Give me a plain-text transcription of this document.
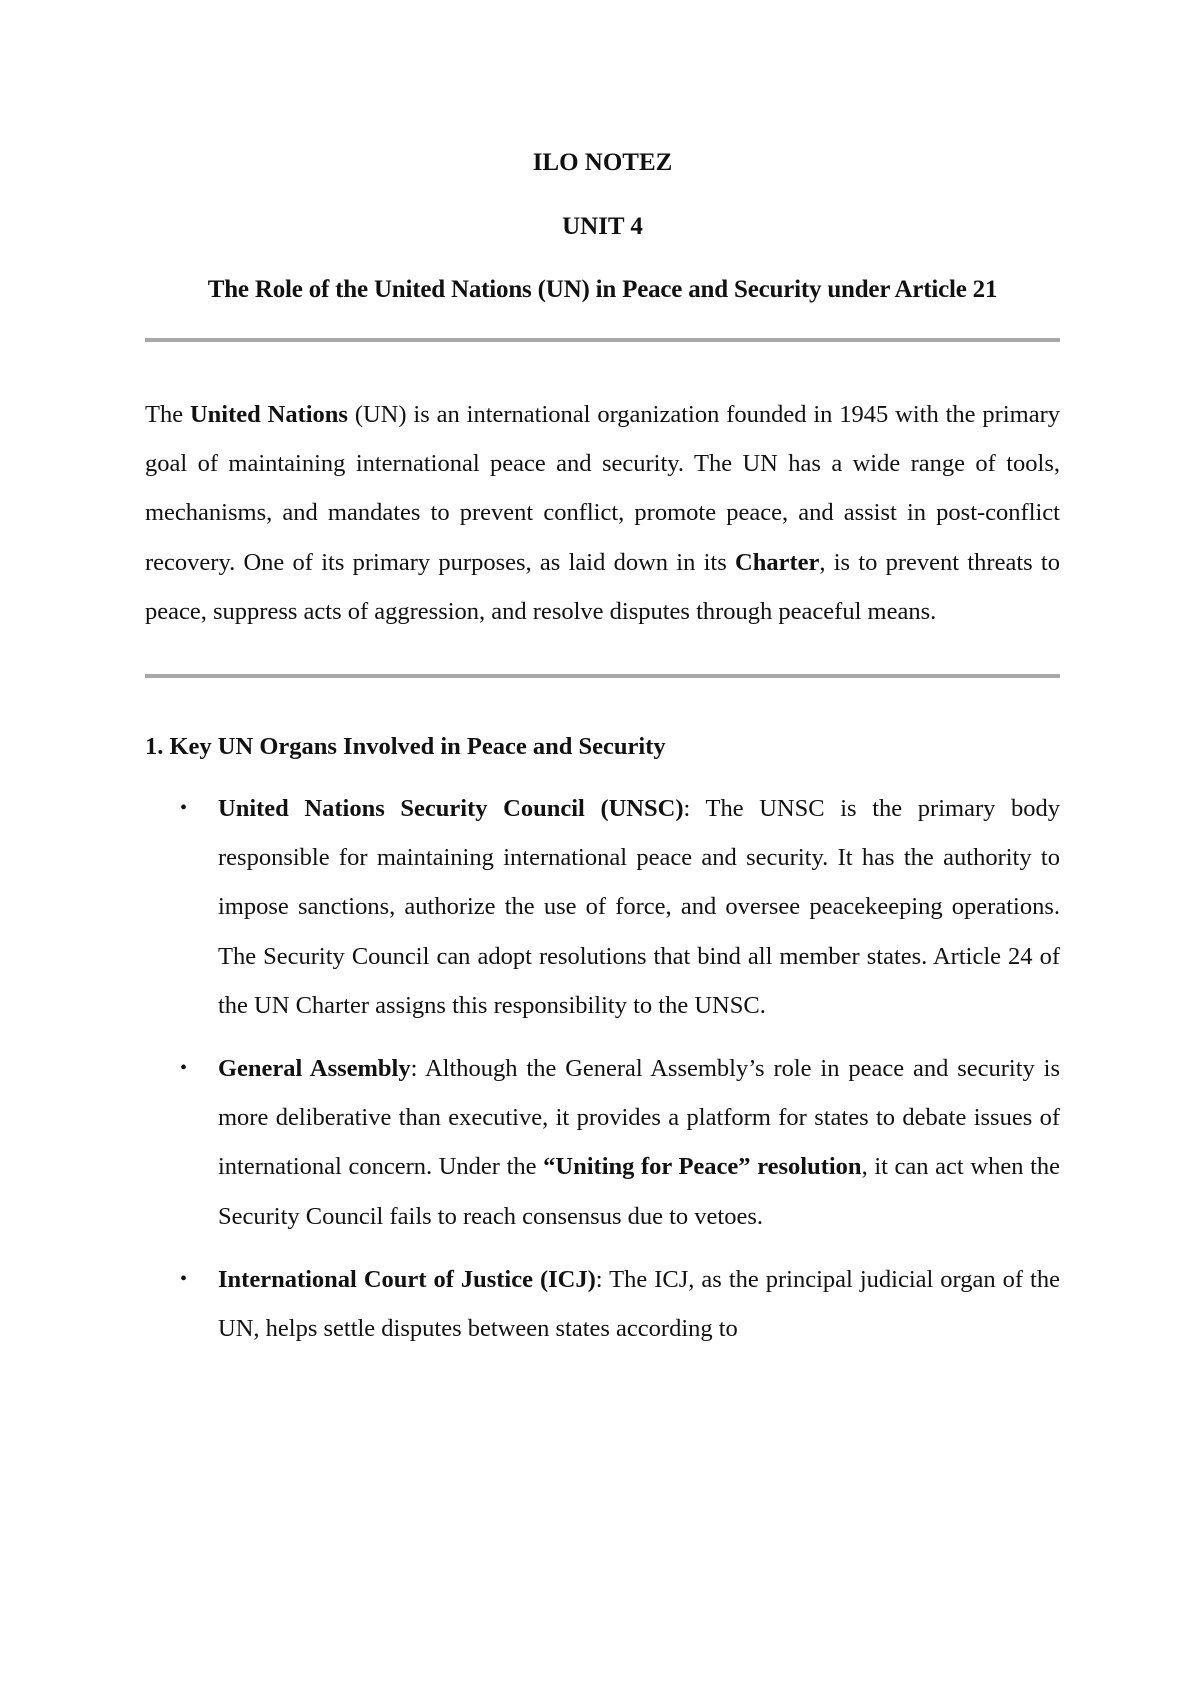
ILO NOTEZ

UNIT 4

The Role of the United Nations (UN) in Peace and Security under Article 21

The United Nations (UN) is an international organization founded in 1945 with the primary goal of maintaining international peace and security. The UN has a wide range of tools, mechanisms, and mandates to prevent conflict, promote peace, and assist in post-conflict recovery. One of its primary purposes, as laid down in its Charter, is to prevent threats to peace, suppress acts of aggression, and resolve disputes through peaceful means.

1. Key UN Organs Involved in Peace and Security

• United Nations Security Council (UNSC): The UNSC is the primary body responsible for maintaining international peace and security. It has the authority to impose sanctions, authorize the use of force, and oversee peacekeeping operations. The Security Council can adopt resolutions that bind all member states. Article 24 of the UN Charter assigns this responsibility to the UNSC.
• General Assembly: Although the General Assembly’s role in peace and security is more deliberative than executive, it provides a platform for states to debate issues of international concern. Under the “Uniting for Peace” resolution, it can act when the Security Council fails to reach consensus due to vetoes.
• International Court of Justice (ICJ): The ICJ, as the principal judicial organ of the UN, helps settle disputes between states according to
